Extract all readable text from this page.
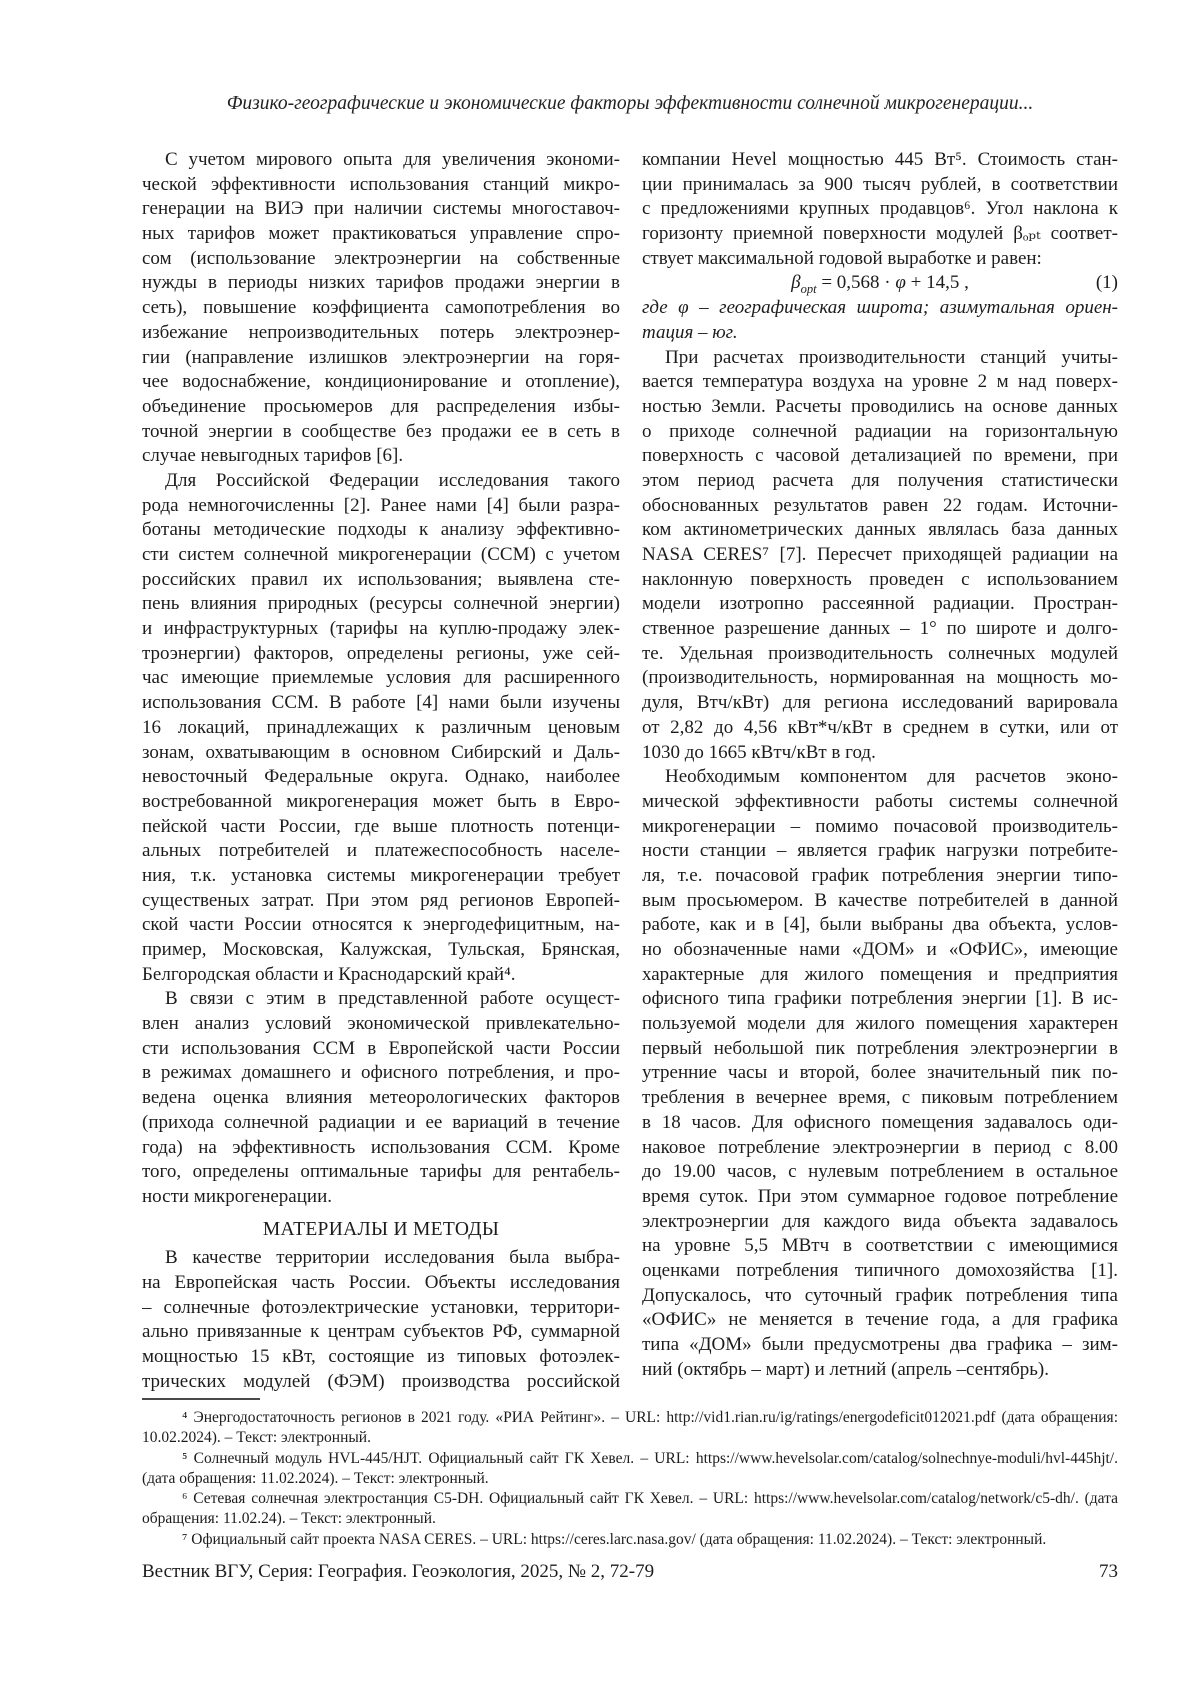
Физико-географические и экономические факторы эффективности солнечной микрогенерации...
С учетом мирового опыта для увеличения экономи-
ческой эффективности использования станций микро-
генерации на ВИЭ при наличии системы многоставоч-
ных тарифов может практиковаться управление спро-
сом (использование электроэнергии на собственные
нужды в периоды низких тарифов продажи энергии в
сеть), повышение коэффициента самопотребления во
избежание непроизводительных потерь электроэнер-
гии (направление излишков электроэнергии на горя-
чее водоснабжение, кондиционирование и отопление),
объединение просьюмеров для распределения избы-
точной энергии в сообществе без продажи ее в сеть в
случае невыгодных тарифов [6].
Для Российской Федерации исследования такого
рода немногочисленны [2]. Ранее нами [4] были разра-
ботаны методические подходы к анализу эффективно-
сти систем солнечной микрогенерации (ССМ) с учетом
российских правил их использования; выявлена сте-
пень влияния природных (ресурсы солнечной энергии)
и инфраструктурных (тарифы на куплю-продажу элек-
троэнергии) факторов, определены регионы, уже сей-
час имеющие приемлемые условия для расширенного
использования ССМ. В работе [4] нами были изучены
16 локаций, принадлежащих к различным ценовым
зонам, охватывающим в основном Сибирский и Даль-
невосточный Федеральные округа. Однако, наиболее
востребованной микрогенерация может быть в Евро-
пейской части России, где выше плотность потенци-
альных потребителей и платежеспособность населе-
ния, т.к. установка системы микрогенерации требует
существеных затрат. При этом ряд регионов Европей-
ской части России относятся к энергодефицитным, на-
пример, Московская, Калужская, Тульская, Брянская,
Белгородская области и Краснодарский край⁴.
В связи с этим в представленной работе осущест-
влен анализ условий экономической привлекательно-
сти использования ССМ в Европейской части России
в режимах домашнего и офисного потребления, и про-
ведена оценка влияния метеорологических факторов
(прихода солнечной радиации и ее вариаций в течение
года) на эффективность использования ССМ. Кроме
того, определены оптимальные тарифы для рентабель-
ности микрогенерации.
МАТЕРИАЛЫ И МЕТОДЫ
В качестве территории исследования была выбра-
на Европейская часть России. Объекты исследования
– солнечные фотоэлектрические установки, территори-
ально привязанные к центрам субъектов РФ, суммарной
мощностью 15 кВт, состоящие из типовых фотоэлек-
трических модулей (ФЭМ) производства российской
компании Hevel мощностью 445 Вт⁵. Стоимость стан-
ции принималась за 900 тысяч рублей, в соответствии
с предложениями крупных продавцов⁶. Угол наклона к
горизонту приемной поверхности модулей βₒₚₜ соответ-
ствует максимальной годовой выработке и равен:
$\beta_{opt} = 0,568 \cdot \varphi + 14,5$ ,	(1)
где φ – географическая широта; азимутальная ориен-
тация – юг.
При расчетах производительности станций учиты-
вается температура воздуха на уровне 2 м над поверх-
ностью Земли. Расчеты проводились на основе данных
о приходе солнечной радиации на горизонтальную
поверхность с часовой детализацией по времени, при
этом период расчета для получения статистически
обоснованных результатов равен 22 годам. Источни-
ком актинометрических данных являлась база данных
NASA CERES⁷ [7]. Пересчет приходящей радиации на
наклонную поверхность проведен с использованием
модели изотропно рассеянной радиации. Простран-
ственное разрешение данных – 1° по широте и долго-
те. Удельная производительность солнечных модулей
(производительность, нормированная на мощность мо-
дуля, Втч/кВт) для региона исследований варировала
от 2,82 до 4,56 кВт*ч/кВт в среднем в сутки, или от
1030 до 1665 кВтч/кВт в год.
Необходимым компонентом для расчетов эконо-
мической эффективности работы системы солнечной
микрогенерации – помимо почасовой производитель-
ности станции – является график нагрузки потребите-
ля, т.е. почасовой график потребления энергии типо-
вым просьюмером. В качестве потребителей в данной
работе, как и в [4], были выбраны два объекта, услов-
но обозначенные нами «ДОМ» и «ОФИС», имеющие
характерные для жилого помещения и предприятия
офисного типа графики потребления энергии [1]. В ис-
пользуемой модели для жилого помещения характерен
первый небольшой пик потребления электроэнергии в
утренние часы и второй, более значительный пик по-
требления в вечернее время, с пиковым потреблением
в 18 часов. Для офисного помещения задавалось оди-
наковое потребление электроэнергии в период с 8.00
до 19.00 часов, с нулевым потреблением в остальное
время суток. При этом суммарное годовое потребление
электроэнергии для каждого вида объекта задавалось
на уровне 5,5 МВтч в соответствии с имеющимися
оценками потребления типичного домохозяйства [1].
Допускалось, что суточный график потребления типа
«ОФИС» не меняется в течение года, а для графика
типа «ДОМ» были предусмотрены два графика – зим-
ний (октябрь – март) и летний (апрель –сентябрь).
⁴ Энергодостаточность регионов в 2021 году. «РИА Рейтинг». – URL: http://vid1.rian.ru/ig/ratings/energodeficit012021.pdf (дата обращения:
10.02.2024). – Текст: электронный.
⁵ Солнечный модуль HVL-445/HJT. Официальный сайт ГК Хевел. – URL: https://www.hevelsolar.com/catalog/solnechnye-moduli/hvl-445hjt/.
(дата обращения: 11.02.2024). – Текст: электронный.
⁶ Сетевая солнечная электростанция С5-DH. Официальный сайт ГК Хевел. – URL: https://www.hevelsolar.com/catalog/network/c5-dh/. (дата
обращения: 11.02.24). – Текст: электронный.
⁷ Официальный сайт проекта NASA CERES. – URL: https://ceres.larc.nasa.gov/ (дата обращения: 11.02.2024). – Текст: электронный.
Вестник ВГУ, Серия: География. Геоэкология, 2025, № 2, 72-79	73
